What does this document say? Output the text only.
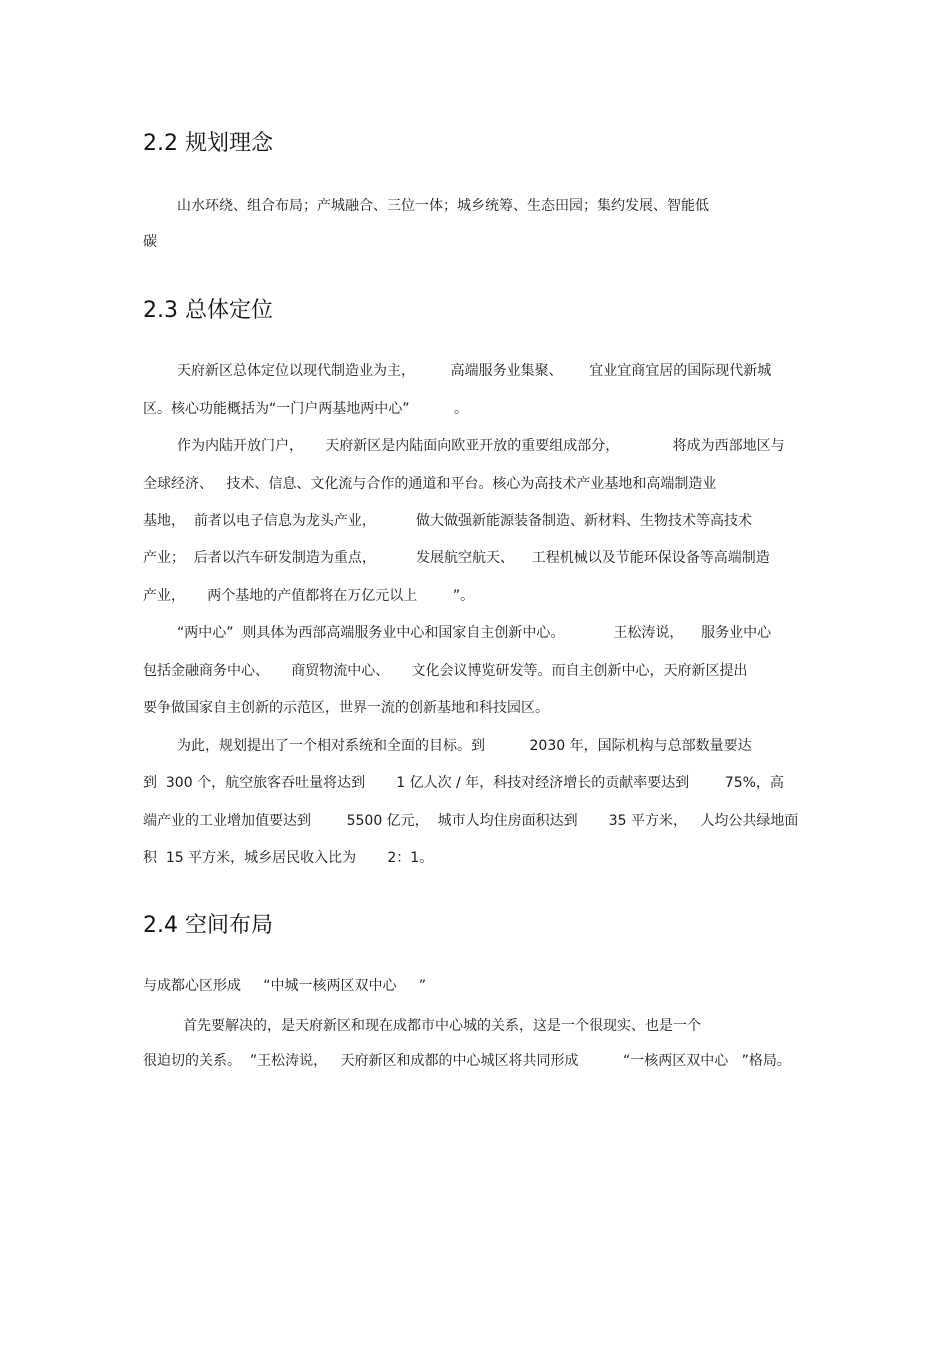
2.2 规划理念
山水环绕、组合布局；产城融合、三位一体；城乡统筹、生态田园；集约发展、智能低
碳
2.3 总体定位
天府新区总体定位以现代制造业为主，        高端服务业集聚、      宜业宜商宜居的国际现代新城
区。核心功能概括为“一门户两基地两中心”          。
作为内陆开放门户，     天府新区是内陆面向欧亚开放的重要组成部分，            将成为西部地区与
全球经济、   技术、信息、文化流与合作的通道和平台。核心为高技术产业基地和高端制造业
基地，  前者以电子信息为龙头产业，         做大做强新能源装备制造、新材料、生物技术等高技术
产业；  后者以汽车研发制造为重点，         发展航空航天、    工程机械以及节能环保设备等高端制造
产业，     两个基地的产值都将在万亿元以上        ”。
“两中心”  则具体为西部高端服务业中心和国家自主创新中心。           王松涛说，    服务业中心
包括金融商务中心、     商贸物流中心、     文化会议博览研发等。而自主创新中心，天府新区提出
要争做国家自主创新的示范区，世界一流的创新基地和科技园区。
为此，规划提出了一个相对系统和全面的目标。到          2030 年，国际机构与总部数量要达
到  300 个，航空旅客吞吐量将达到       1 亿人次 / 年，科技对经济增长的贡献率要达到        75%，高
端产业的工业增加值要达到        5500 亿元，  城市人均住房面积达到       35 平方米，   人均公共绿地面
积  15 平方米，城乡居民收入比为       2：1。
2.4 空间布局
与成都心区形成     “中城一核两区双中心     ”
首先要解决的，是天府新区和现在成都市中心城的关系，这是一个很现实、也是一个
很迫切的关系。  ”王松涛说，   天府新区和成都的中心城区将共同形成          “一核两区双中心   ”格局。
